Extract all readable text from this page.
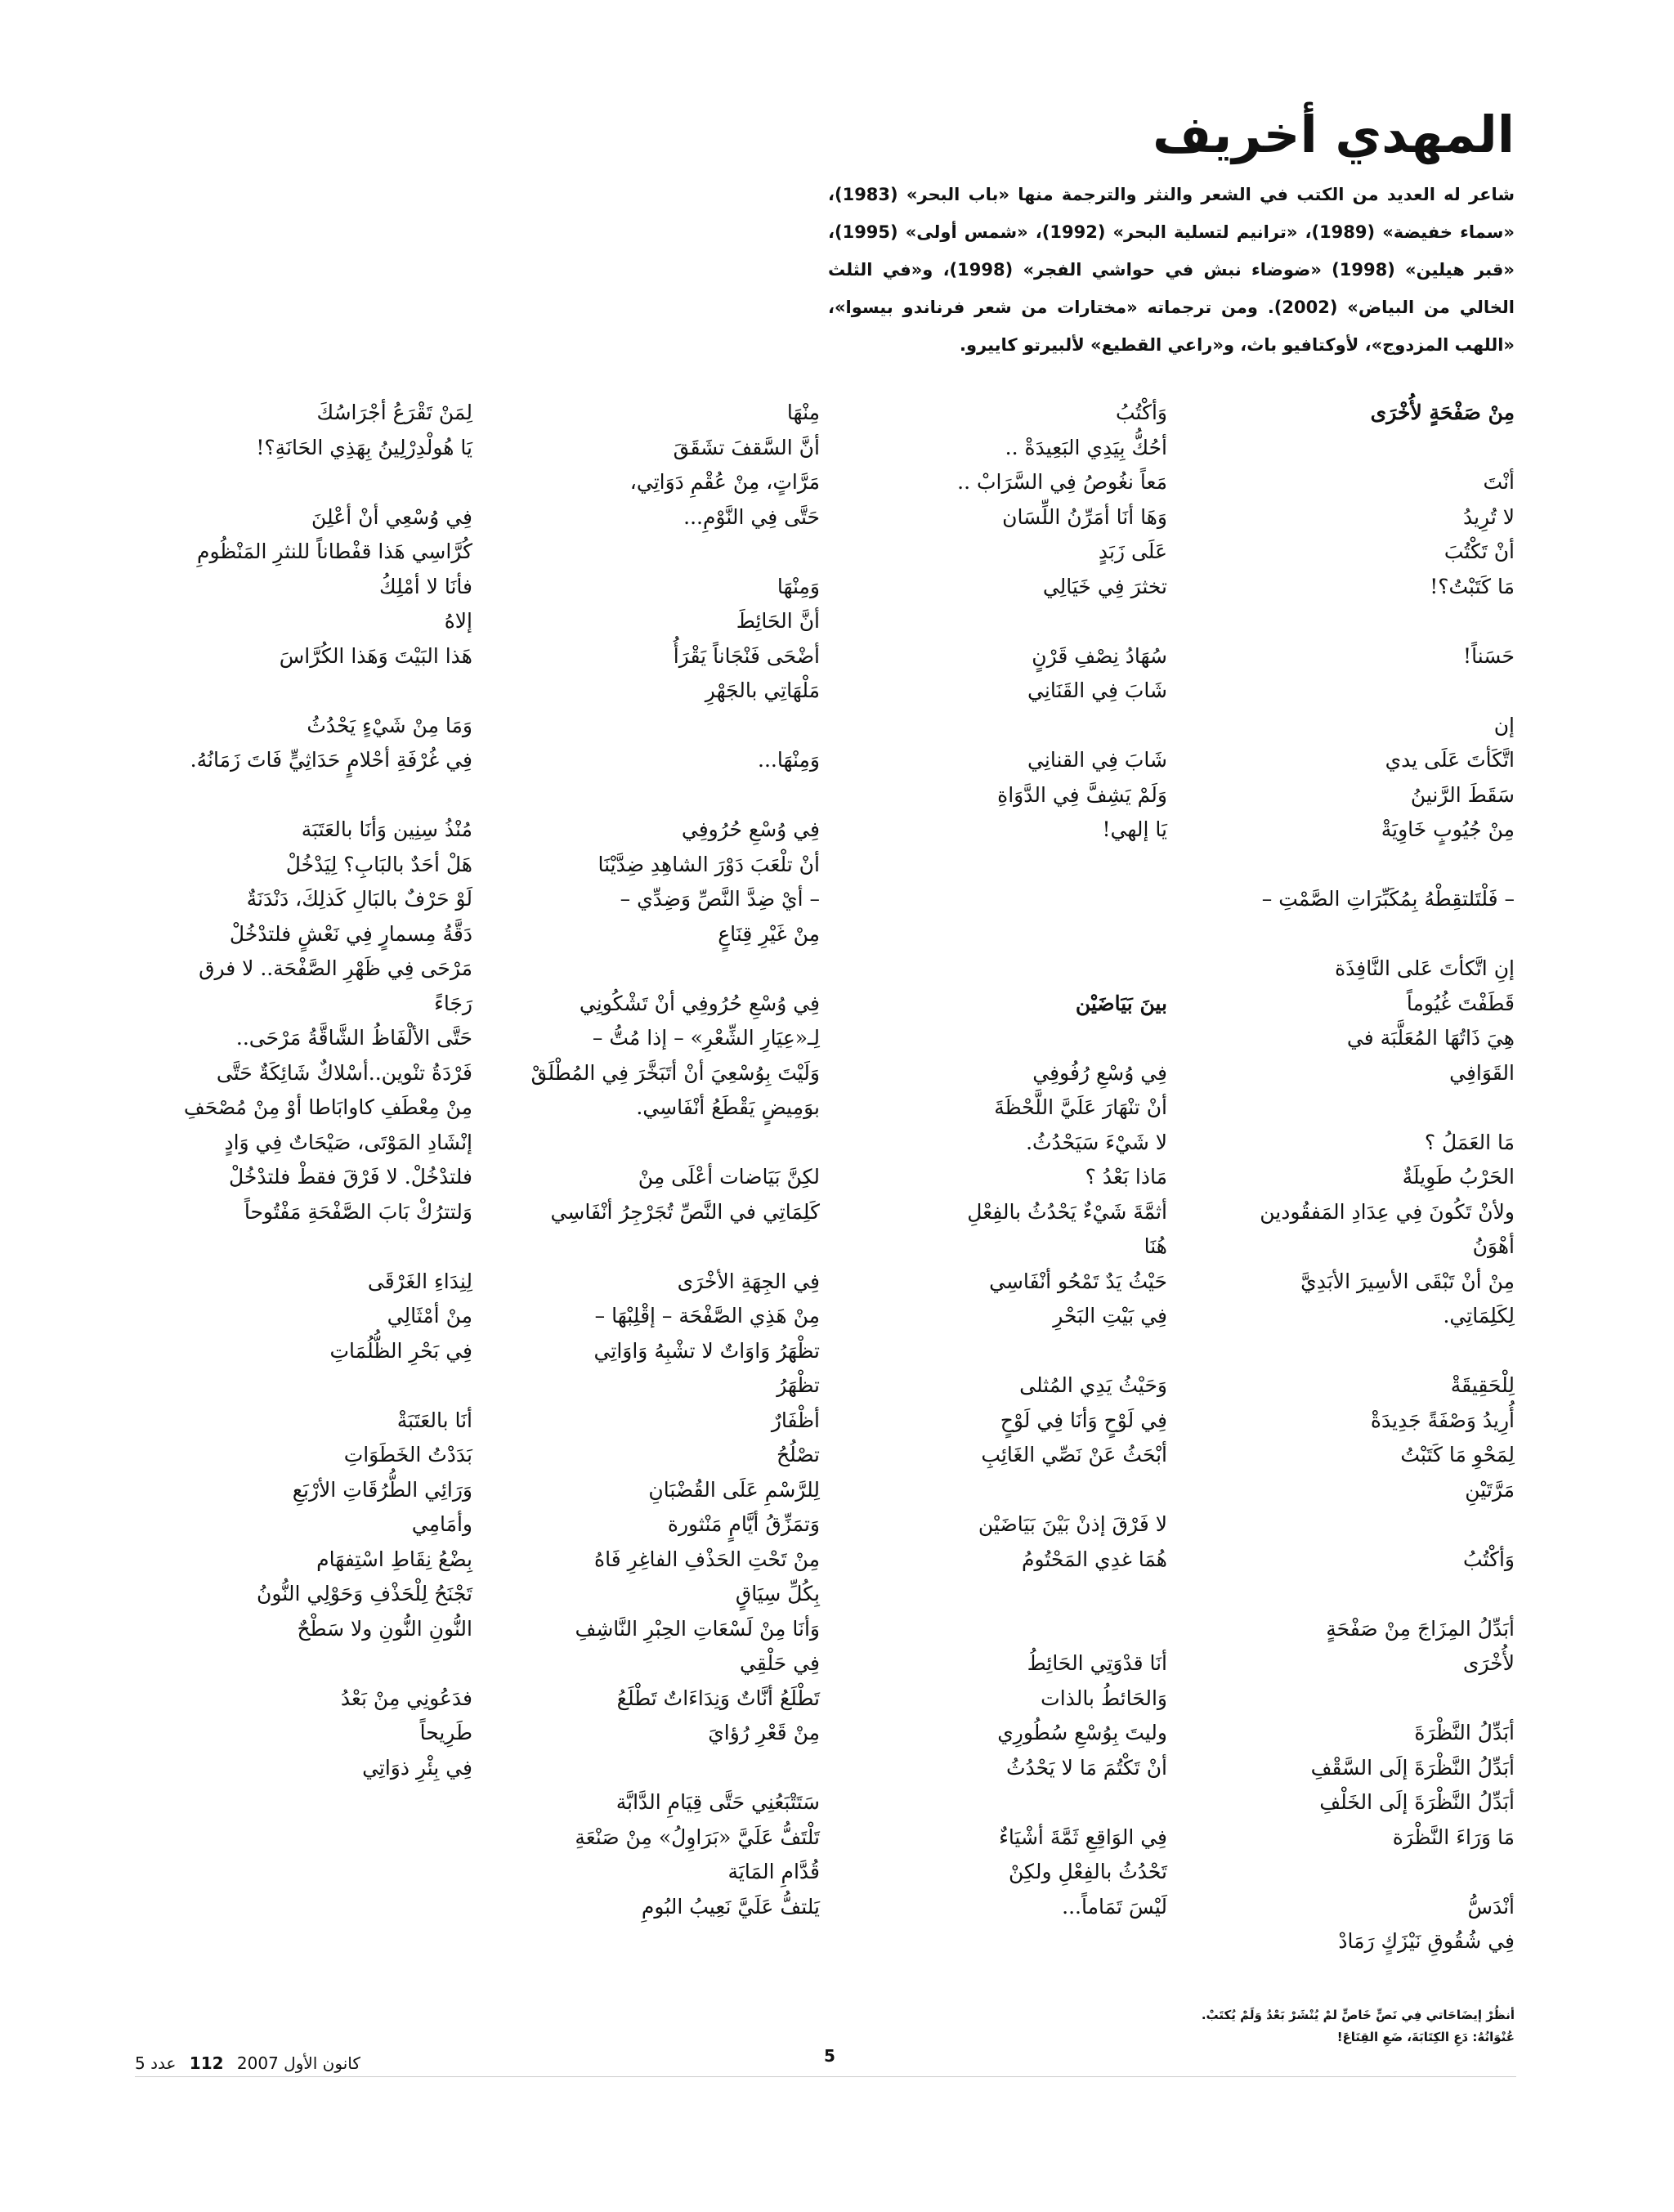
المهدي أخريف

شاعر له العديد من الكتب في الشعر والنثر والترجمة منها «باب البحر» (1983)، «سماء خفيضة» (1989)، «ترانيم لتسلية البحر» (1992)، «شمس أولى» (1995)، «قبر هيلين» (1998) «ضوضاء نبش في حواشي الفجر» (1998)، و«في الثلث الخالي من البياض» (2002). ومن ترجماته «مختارات من شعر فرناندو بيسوا»، «اللهب المزدوج»، لأوكتافيو باث، و«راعي القطيع» لألبيرتو كاييرو.

مِنْ صَفْحَةٍ لأُخْرَى
أنْتَ
لا تُرِيدُ
أنْ تَكْتُبَ
مَا كَتَبْتُ؟!
حَسَناً!
إن
اتَّكَأتَ عَلَى يدي
سَقَطَ الرَّنينُ
مِنْ جُيُوبٍ خَاوِيَةْ
– فَلْتَلتقِطْهُ بِمُكَبِّرَاتِ الصَّمْتِ –
إنِ اتَّكأتَ عَلى النَّافِذَة
قَطَفْتَ غُيُوماً
هِيَ ذَاتُهَا المُعَلَّبَة في
القَوَافِي
مَا العَمَلُ ؟
الحَرْبُ طَوِيلَةٌ
ولأنْ تَكُونَ فِي عِدَادِ المَفقُودين
أهْوَنُ
مِنْ أنْ تَبْقَى الأسِيرَ الأبَدِيَّ
لِكَلِمَاتِي.
لِلْحَقِيقَةْ
أُرِيدُ وَصْفَةً جَدِيدَةْ
لِمَحْوِ مَا كَتَبْتُ
مَرَّتَيْنِ
وَأكْتُبُ
أبَدِّلُ المِزَاجَ مِنْ صَفْحَةٍ
لأُخْرَى
أبَدِّلُ النَّظْرَةَ
أبَدِّلُ النَّظْرَةَ إلَى السَّقْفِ
أبَدِّلُ النَّظْرَةَ إلَى الخَلْفِ
مَا وَرَاءَ النَّظْرَة
أنْدَسُّ
فِي شُقُوقِ نَيْزَكٍ رَمَادْ
وَأكْتُبُ
أحُكُّ بِيَدِي البَعِيدَةْ ..
مَعاً نغُوصُ فِي السَّرَابْ ..
وَهَا أنَا أمَرِّنُ اللِّسَان
عَلَى زَبَدٍ
تخثرَ فِي خَيَالِي
سُهَادُ نِصْفِ قَرْنٍ
شَابَ فِي القَنَانِي
شَابَ فِي القنانِي
وَلَمْ يَشِفَّ فِي الدَّوَاةِ
يَا إلهي!
بينَ بَيَاضَيْن
فِي وُسْعِ رُفُوفِي
أنْ تنْهَارَ عَلَيَّ اللَّحْظَةَ
لا شَيْءَ سَيَحْدُثُ.
مَاذا بَعْدُ ؟
أثمَّةَ شَيْءٌ يَحْدُثُ بالفِعْلِ
هُنَا
حَيْثُ يَدٌ تَمْحُو أنْفَاسِي
فِي بَيْتِ البَحْرِ
وَحَيْثُ يَدِي المُثلى
فِي لَوْحٍ وَأنَا فِي لَوْحٍ
أبْحَثُ عَنْ نَصِّي الغَائِبِ
لا فَرْقَ إذنْ بَيْنَ بَيَاضَيْن
هُمَا غدِي المَحْتُومُ
أنَا قدْوَتِي الحَائِطُ
وَالحَائطُ بالذات
وليتَ بِوُسْعِ سُطُورِي
أنْ تَكْتُمَ مَا لا يَحْدُثُ
فِي الوَاقِعِ ثَمَّةَ أشْيَاءٌ
تَحْدُثُ بالفِعْلِ ولكِنْ
لَيْسَ تَمَاماً...
مِنْهَا
أنَّ السَّقفَ تشَقَقَ
مَرَّاتٍ، مِنْ عُقْمِ دَوَاتِي،
حَتَّى فِي النَّوْمِ...
وَمِنْهَا
أنَّ الحَائِطَ
أضْحَى فَنْجَاناً يَقْرَأُ
مَلْهَاتِي بالجَهْرِ
وَمِنْهَا...
فِي وُسْعِ حُرُوفِي
أنْ تلْعَبَ دَوْرَ الشاهِدِ ضِدَّيْنَا
– أيْ ضِدَّ النَّصِّ وَضِدِّي –
مِنْ غَيْرِ قِنَاعٍ
فِي وُسْعِ حُرُوفِي أنْ تَشْكُونِي
لِـ«عِيَارِ الشِّعْرِ» – إذا مُتُّ –
وَلَيْتَ بِوُسْعِيَ أنْ أتَبَخَّرَ فِي المُطْلَقْ
بوَمِيضٍ يَقْطَعُ أنْفَاسِي.
لكِنَّ بَيَاضات أعْلَى مِنْ
كَلِمَاتِي في النَّصِّ تُجَرْجِرُ أنْفَاسِي
فِي الجِهَةِ الأخْرَى
مِنْ هَذِي الصَّفْحَة – إقْلِبْهَا –
تظْهَرُ وَاوَاتٌ لا تشْبِهُ وَاوَاتِي
تظْهَرُ
أظْفَارٌ
تصْلُحُ
لِلرَّسْمِ عَلَى القُضْبَانِ
وَتمَزِّقُ أيَّامٍ مَنْثورة
مِنْ تَحْتِ الحَذْفِ الفاغِرِ فَاهُ
بِكُلِّ سِيَاقٍ
وَأنَا مِنْ لَسْعَاتِ الحِبْرِ النَّاشِفِ
فِي حَلْقِي
تَطْلَعُ أنَّاتٌ وَنِدَاءَاتٌ تَطْلَعُ
مِنْ قَعْرِ رُؤايَ
سَتَتْبَعُنِي حَتَّى قِيَامِ الدَّابَّة
تَلْتَفُّ عَلَيَّ «بَرَاوِلُ» مِنْ صَنْعَةِ
قُدَّامِ المَايَة
يَلتفُّ عَلَيَّ نَعِيبُ البُومِ
لِمَنْ تَقْرَعُ أجْرَاسُكَ
يَا هُولْدِرْلِينُ بِهَذِي الحَانَةِ؟!
فِي وُسْعِي أنْ أعْلِنَ
كُرَّاسِي هَذا قفْطاناً للنثرِ المَنْظُومِ
فأنَا لا أمْلِكُ
إلاهُ
هَذا البَيْتَ وَهَذا الكُرَّاسَ
وَمَا مِنْ شَيْءٍ يَحْدُثُ
فِي غُرْفَةِ أحْلامٍ حَدَاثِيٍّ فَاتَ زَمَانُهُ.
مُنْذُ سِنِين وَأنَا بالعَتَبَة
هَلْ أحَدٌ بالبَابِ؟ لِيَدْخُلْ
لَوْ حَرْفٌ بالبَالِ كَذلِكَ، دَنْدَنَةٌ
دَقَّةُ مِسمارٍ فِي نَعْشٍ فلتدْخُلْ
مَرْحَى فِي ظَهْرِ الصَّفْحَة.. لا فرق
رَجَاءً
حَتَّى الألْفَاظُ الشَّاقَّةُ مَرْحَى..
فَرْدَةُ تنْوين..أسْلاكٌ شَائِكَةٌ حَتَّى
مِنْ مِعْطَفِ كاوابَاطا أوْ مِنْ مُصْحَفِ
إنْشَادِ المَوْتَى، صَيْحَاتٌ فِي وَادٍ
فلتدْخُلْ. لا فَرْقَ فقطْ فلتدْخُلْ
وَلتترُكْ بَابَ الصَّفْحَةِ مَفْتُوحاً
لِنِدَاءِ الغَرْقَى
مِنْ أمْثَالِي
فِي بَحْرِ الظُّلُمَاتِ
أنَا بالعَتَبَةْ
بَدَدْتُ الخَطَوَاتِ
وَرَائِي الطُّرُقَاتِ الأرْبَعِ
وأمَامِي
بِضْعُ نِقَاطِ اسْتِفهَام
تَجْنَحُ لِلْحَذْفِ وَحَوْلِي النُّونُ
النُّونِ النُّونِ ولا سَطْحٌ
فدَعُونِي مِنْ بَعْدُ
طَرِيحاً
فِي بِئْرِ ذوَاتِي
أنظُرْ إيضَاحَاتي فِي نَصٍّ خَاصٍّ لمْ يُنْشَرْ بَعْدُ وَلَمْ يُكتَبْ.
عُنْوَانُهُ: دَعِ الكِتَابَةَ، ضَعِ القِنَاعَ!
5
5 كانون الأول 2007 112 عدد
